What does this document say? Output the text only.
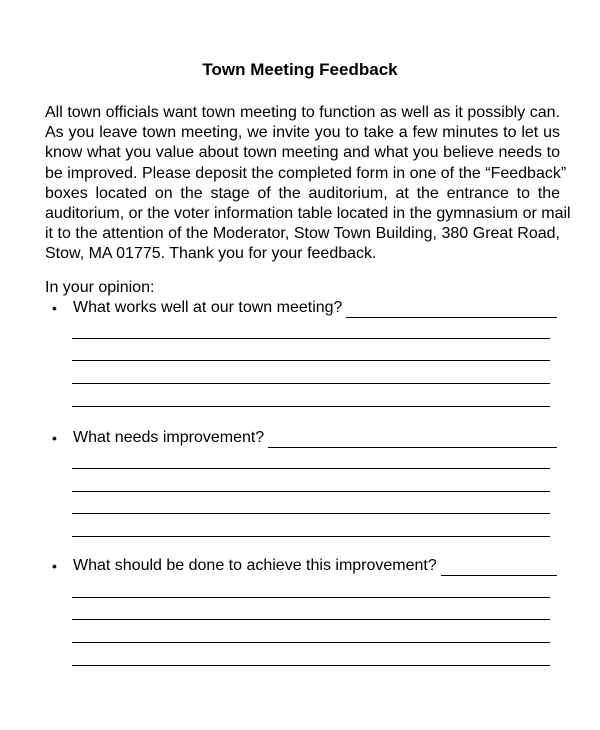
Town Meeting Feedback

All town officials want town meeting to function as well as it possibly can.
As you leave town meeting, we invite you to take a few minutes to let us
know what you value about town meeting and what you believe needs to
be improved. Please deposit the completed form in one of the “Feedback”
boxes located on the stage of the auditorium, at the entrance to the
auditorium, or the voter information table located in the gymnasium or mail
it to the attention of the Moderator, Stow Town Building, 380 Great Road,
Stow, MA 01775. Thank you for your feedback.

In your opinion:
•	What works well at our town meeting?
•	What needs improvement?
•	What should be done to achieve this improvement?
